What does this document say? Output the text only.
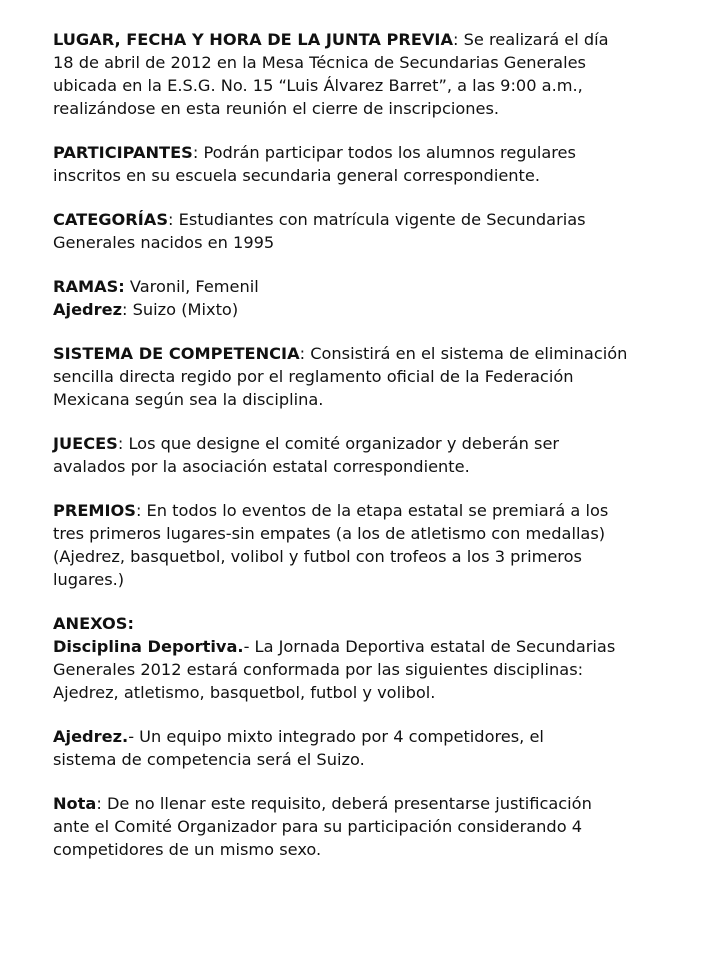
LUGAR, FECHA Y HORA DE LA JUNTA PREVIA: Se realizará el día
18 de abril de 2012 en la Mesa Técnica de Secundarias Generales
ubicada en la E.S.G. No. 15 “Luis Álvarez Barret”, a las 9:00 a.m.,
realizándose en esta reunión el cierre de inscripciones.

PARTICIPANTES: Podrán participar todos los alumnos regulares
inscritos en su escuela secundaria general correspondiente.

CATEGORÍAS: Estudiantes con matrícula vigente de Secundarias
Generales nacidos en 1995

RAMAS: Varonil, Femenil
Ajedrez: Suizo (Mixto)

SISTEMA DE COMPETENCIA: Consistirá en el sistema de eliminación
sencilla directa regido por el reglamento oficial de la Federación
Mexicana según sea la disciplina.

JUECES: Los que designe el comité organizador y deberán ser
avalados por la asociación estatal correspondiente.

PREMIOS: En todos lo eventos de la etapa estatal se premiará a los
tres primeros lugares-sin empates (a los de atletismo con medallas)
(Ajedrez, basquetbol, volibol y futbol con trofeos a los 3 primeros
lugares.)

ANEXOS:
Disciplina Deportiva.- La Jornada Deportiva estatal de Secundarias
Generales 2012 estará conformada por las siguientes disciplinas:
Ajedrez, atletismo, basquetbol, futbol y volibol.

Ajedrez.- Un equipo mixto integrado por 4 competidores, el
sistema de competencia será el Suizo.

Nota: De no llenar este requisito, deberá presentarse justificación
ante el Comité Organizador para su participación considerando 4
competidores de un mismo sexo.
